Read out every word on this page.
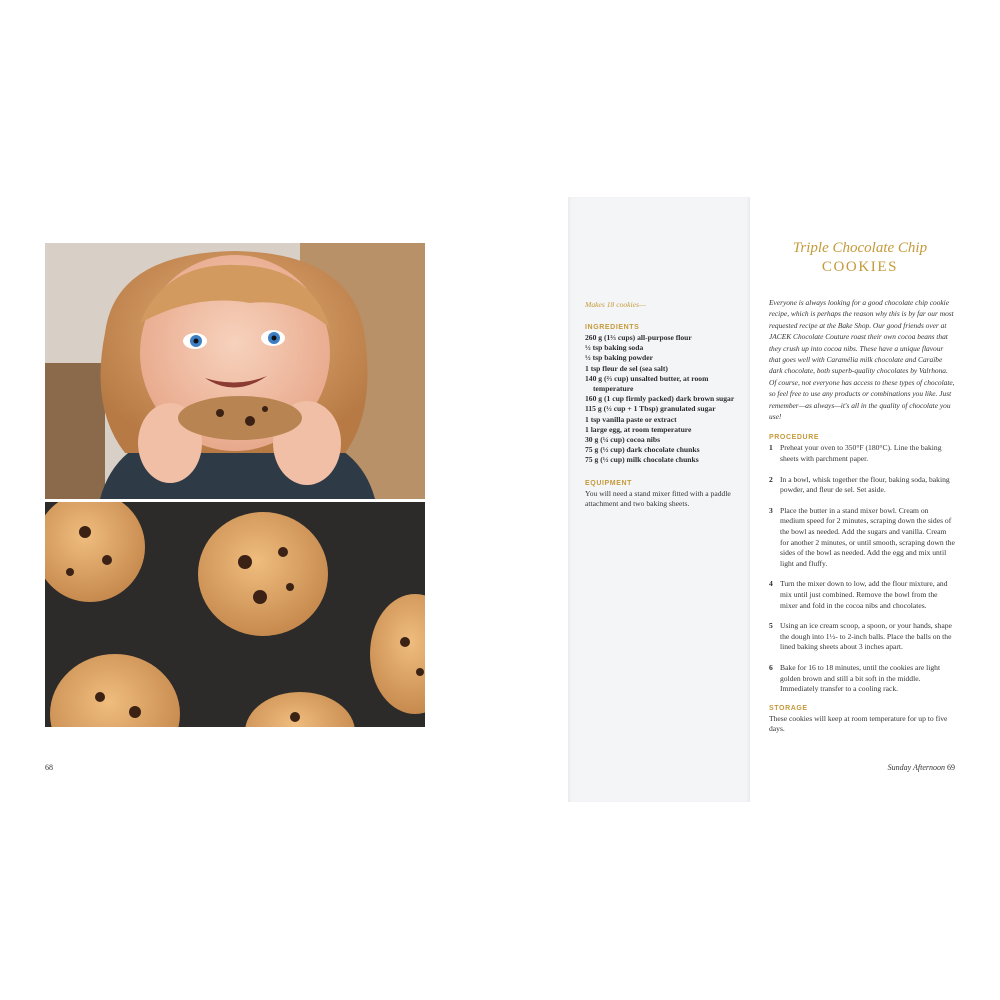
68
Makes 18 cookies—
INGREDIENTS
260 g (1⅔ cups) all-purpose flour
½ tsp baking soda
½ tsp baking powder
1 tsp fleur de sel (sea salt)
140 g (⅔ cup) unsalted butter, at room temperature
160 g (1 cup firmly packed) dark brown sugar
115 g (½ cup + 1 Tbsp) granulated sugar
1 tsp vanilla paste or extract
1 large egg, at room temperature
30 g (¼ cup) cocoa nibs
75 g (½ cup) dark chocolate chunks
75 g (½ cup) milk chocolate chunks
EQUIPMENT
You will need a stand mixer fitted with a paddle attachment and two baking sheets.
Triple Chocolate Chip
COOKIES
Everyone is always looking for a good chocolate chip cookie recipe, which is perhaps the reason why this is by far our most requested recipe at the Bake Shop. Our good friends over at JACEK Chocolate Couture roast their own cocoa beans that they crush up into cocoa nibs. These have a unique flavour that goes well with Caramélia milk chocolate and Caraïbe dark chocolate, both superb-quality chocolates by Valrhona. Of course, not everyone has access to these types of chocolate, so feel free to use any products or combinations you like. Just remember—as always—it's all in the quality of chocolate you use!
PROCEDURE
1 Preheat your oven to 350°F (180°C). Line the baking sheets with parchment paper.
2 In a bowl, whisk together the flour, baking soda, baking powder, and fleur de sel. Set aside.
3 Place the butter in a stand mixer bowl. Cream on medium speed for 2 minutes, scraping down the sides of the bowl as needed. Add the sugars and vanilla. Cream for another 2 minutes, or until smooth, scraping down the sides of the bowl as needed. Add the egg and mix until light and fluffy.
4 Turn the mixer down to low, add the flour mixture, and mix until just combined. Remove the bowl from the mixer and fold in the cocoa nibs and chocolates.
5 Using an ice cream scoop, a spoon, or your hands, shape the dough into 1½- to 2-inch balls. Place the balls on the lined baking sheets about 3 inches apart.
6 Bake for 16 to 18 minutes, until the cookies are light golden brown and still a bit soft in the middle. Immediately transfer to a cooling rack.
STORAGE
These cookies will keep at room temperature for up to five days.
Sunday Afternoon 69
